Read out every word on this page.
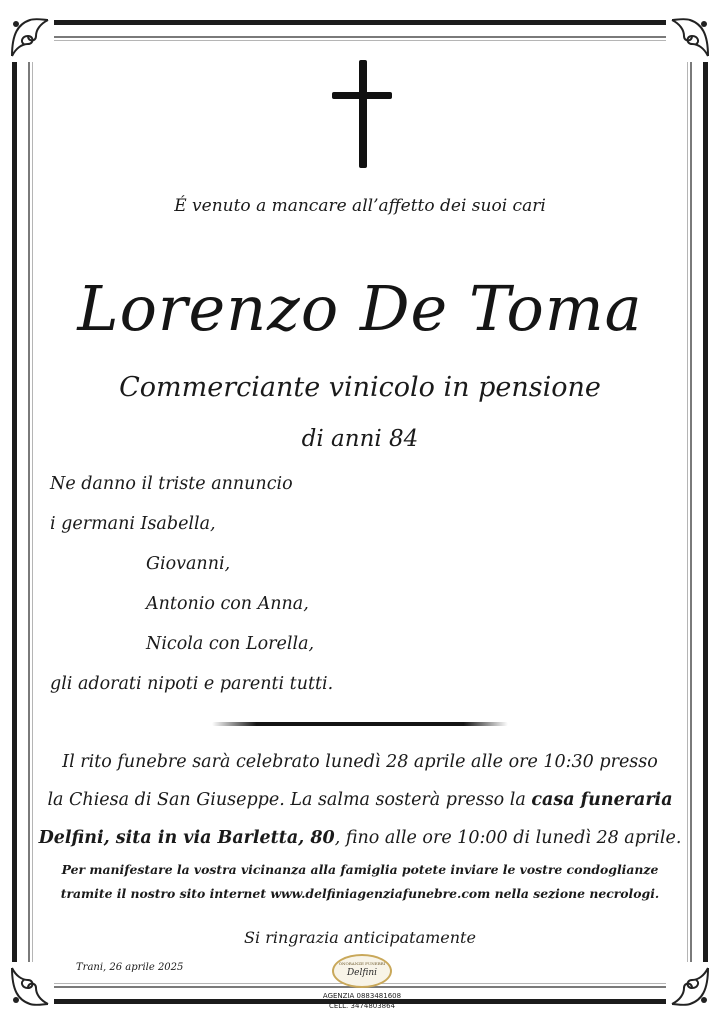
É venuto a mancare all’affetto dei suoi cari
Lorenzo De Toma
Commerciante vinicolo in pensione
di anni 84
Ne danno il triste annuncio
i germani Isabella,
Giovanni,
Antonio con Anna,
Nicola con Lorella,
gli adorati nipoti e parenti tutti.
Il rito funebre sarà celebrato lunedì 28 aprile alle ore 10:30 presso
la Chiesa di San Giuseppe. La salma sosterà presso la casa funeraria
Delfini, sita in via Barletta, 80, fino alle ore 10:00 di lunedì 28 aprile.
Per manifestare la vostra vicinanza alla famiglia potete inviare le vostre condoglianze
tramite il nostro sito internet www.delfiniagenziafunebre.com nella sezione necrologi.
Si ringrazia anticipatamente
Trani, 26 aprile 2025	ONORANZE FUNEBRI
Delfini
AGENZIA 0883481608
CELL. 3474803864
